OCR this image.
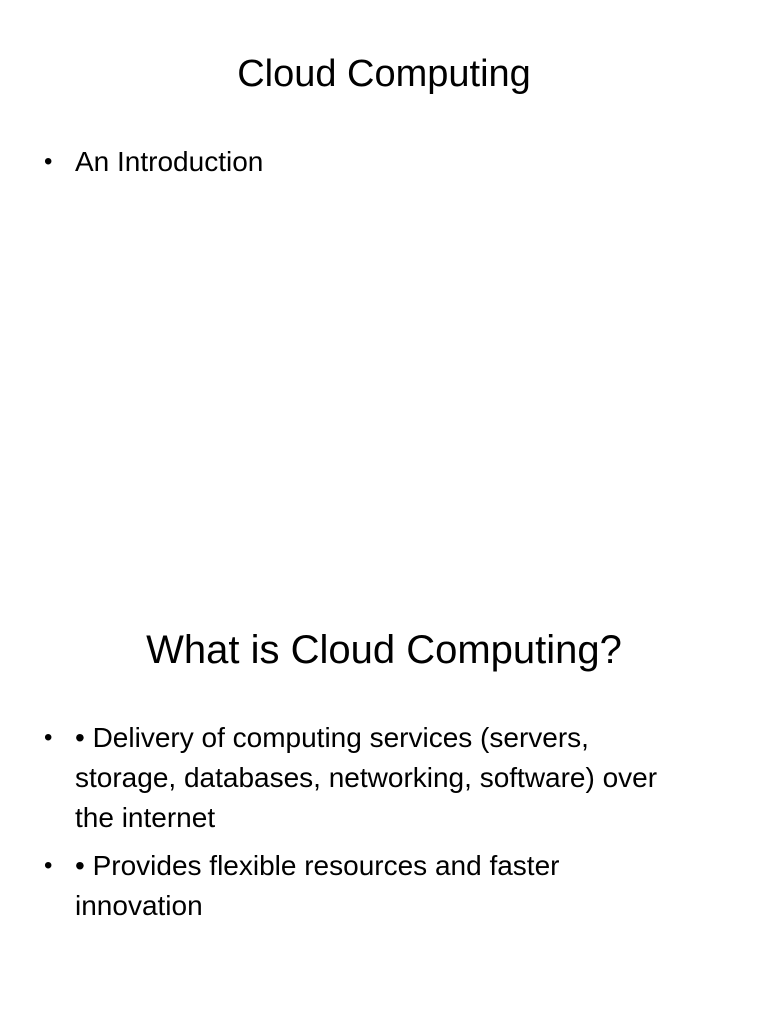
Cloud Computing
• An Introduction
What is Cloud Computing?
• • Delivery of computing services (servers, storage, databases, networking, software) over the internet
• • Provides flexible resources and faster innovation
